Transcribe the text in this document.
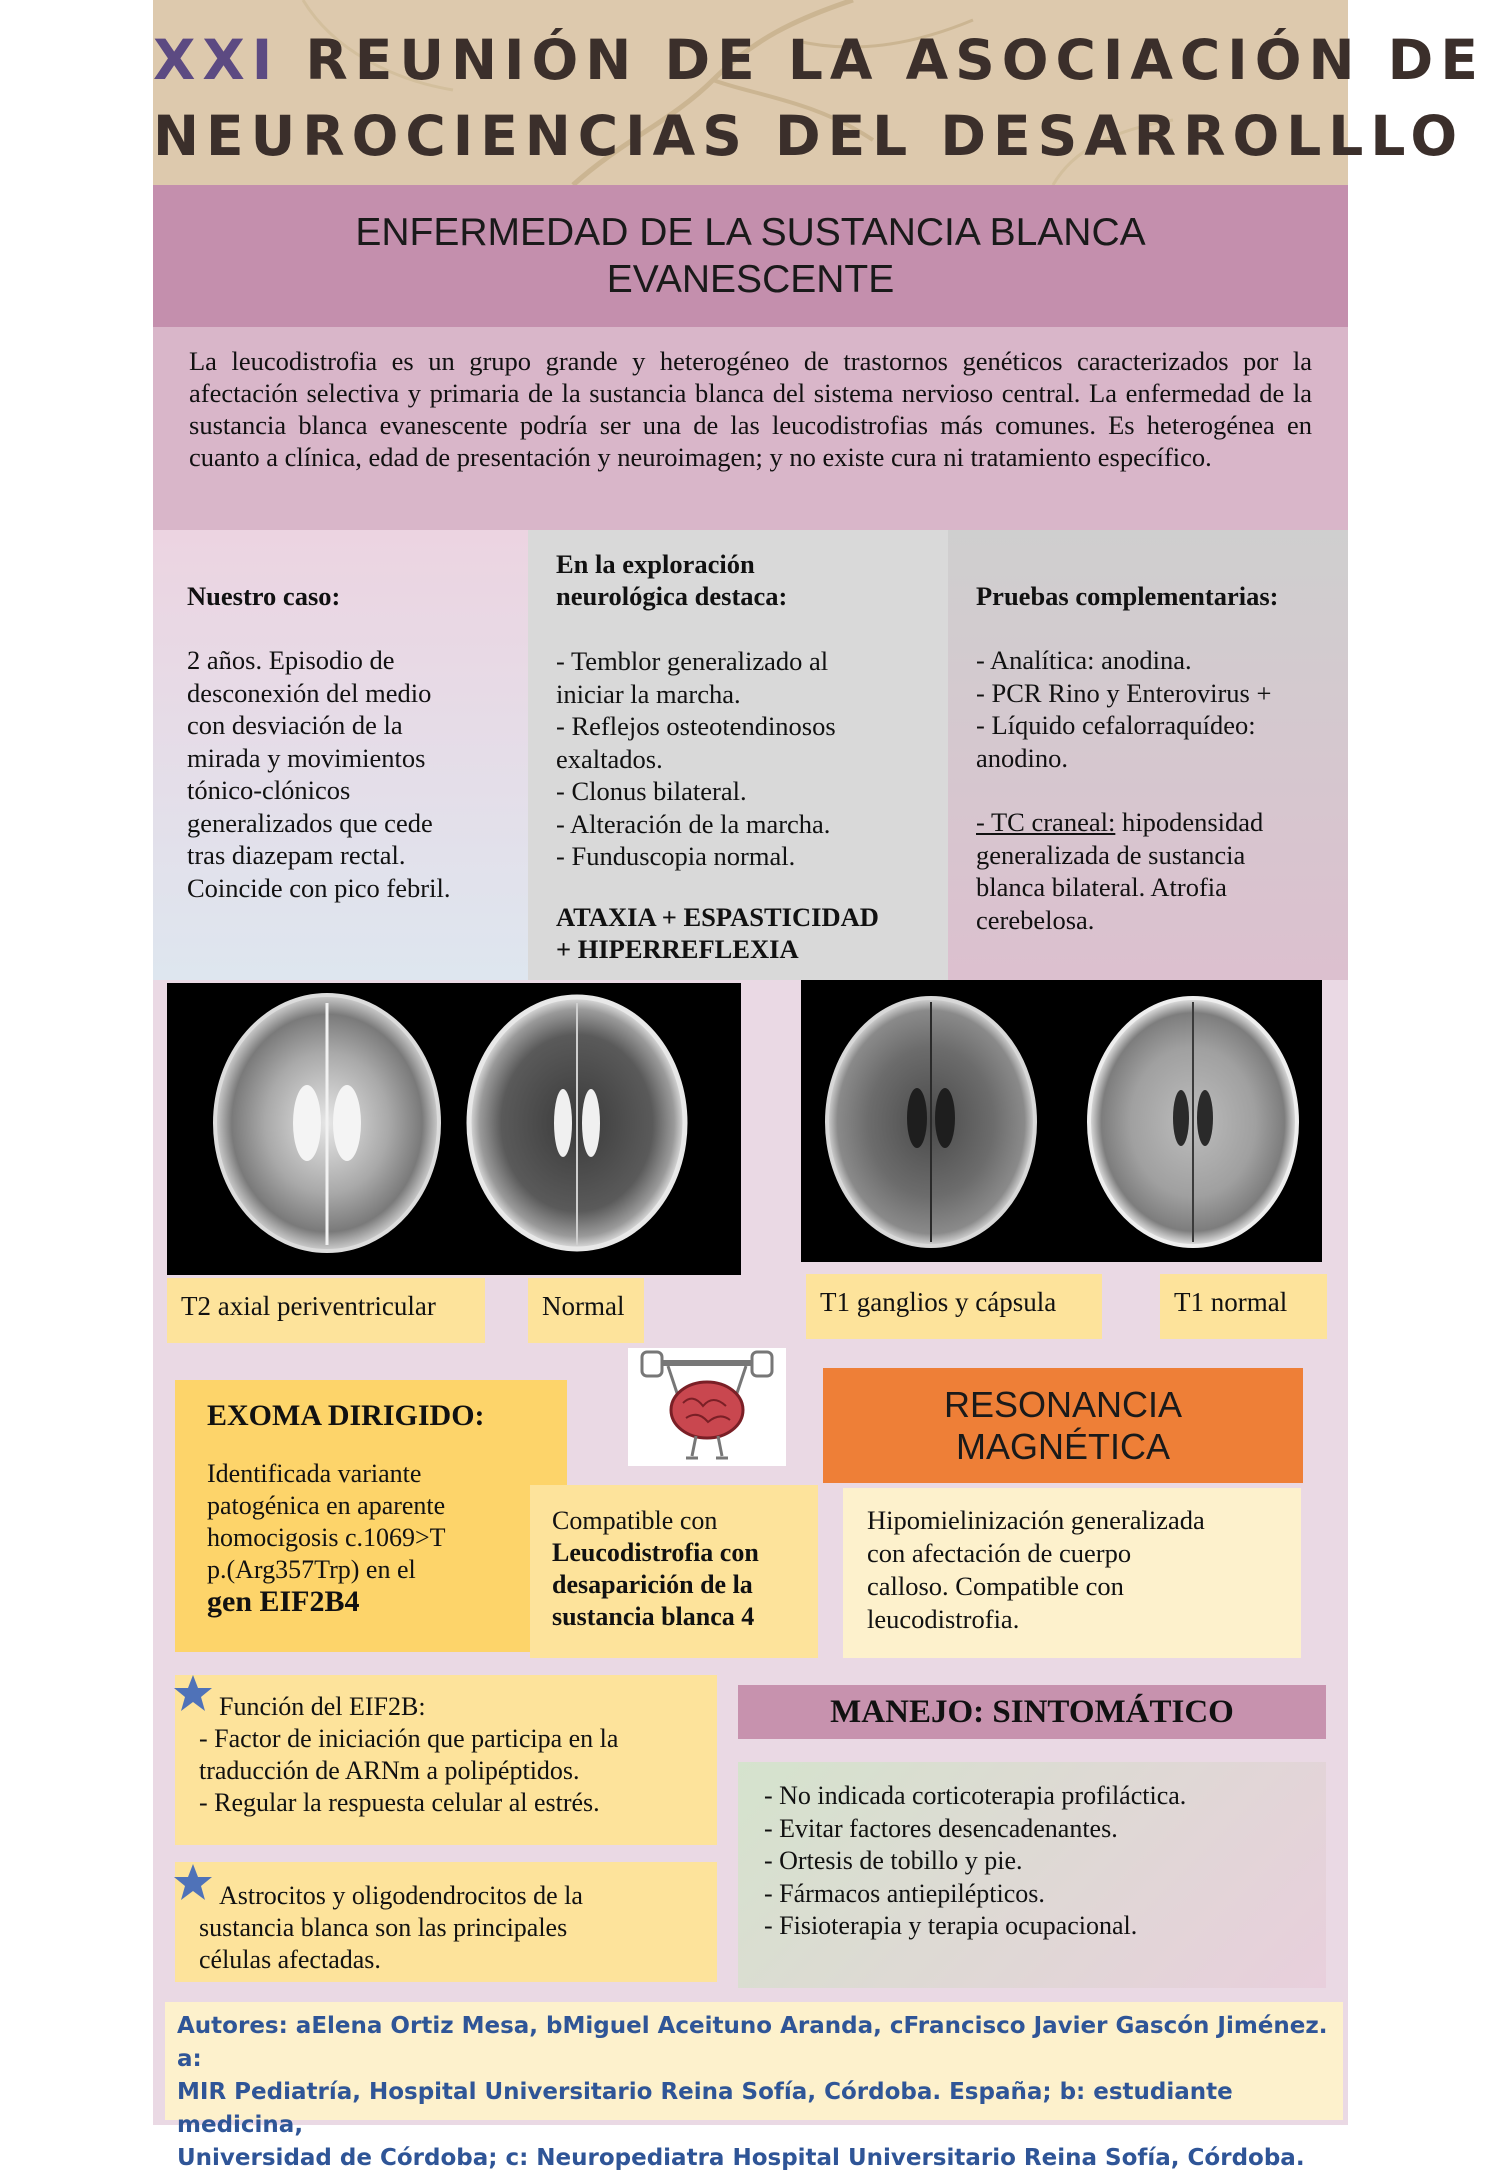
XXI REUNIÓN DE LA ASOCIACIÓN DE
NEUROCIENCIAS DEL DESARROLLLO
ENFERMEDAD DE LA SUSTANCIA BLANCA
EVANESCENTE

La leucodistrofia es un grupo grande y heterogéneo de trastornos genéticos caracterizados por la afectación selectiva y primaria de la sustancia blanca del sistema nervioso central. La enfermedad de la sustancia blanca evanescente podría ser una de las leucodistrofias más comunes. Es heterogénea en cuanto a clínica, edad de presentación y neuroimagen; y no existe cura ni tratamiento específico.

Nuestro caso:
2 años. Episodio de
desconexión del medio
con desviación de la
mirada y movimientos
tónico-clónicos
generalizados que cede
tras diazepam rectal.
Coincide con pico febril.
En la exploración
neurológica destaca:
- Temblor generalizado al
iniciar la marcha.
- Reflejos osteotendinosos
exaltados.
- Clonus bilateral.
- Alteración de la marcha.
- Funduscopia normal.
ATAXIA + ESPASTICIDAD
+ HIPERREFLEXIA
Pruebas complementarias:
- Analítica: anodina.
- PCR Rino y Enterovirus +
- Líquido cefalorraquídeo:
anodino.
- TC craneal: hipodensidad
generalizada de sustancia
blanca bilateral. Atrofia
cerebelosa.
T2 axial periventricular	Normal	T1 ganglios y cápsula	T1 normal
EXOMA DIRIGIDO:
Identificada variante
patogénica en aparente
homocigosis c.1069>T
p.(Arg357Trp) en el
gen EIF2B4
Compatible con
Leucodistrofia con
desaparición de la
sustancia blanca 4
RESONANCIA
MAGNÉTICA
Hipomielinización generalizada
con afectación de cuerpo
calloso. Compatible con
leucodistrofia.
Función del EIF2B:
- Factor de iniciación que participa en la
traducción de ARNm a polipéptidos.
- Regular la respuesta celular al estrés.
Astrocitos y oligodendrocitos de la
sustancia blanca son las principales
células afectadas.
MANEJO: SINTOMÁTICO
- No indicada corticoterapia profiláctica.
- Evitar factores desencadenantes.
- Ortesis de tobillo y pie.
- Fármacos antiepilépticos.
- Fisioterapia y terapia ocupacional.
Autores: aElena Ortiz Mesa, bMiguel Aceituno Aranda, cFrancisco Javier Gascón Jiménez. a:
MIR Pediatría, Hospital Universitario Reina Sofía, Córdoba. España; b: estudiante medicina,
Universidad de Córdoba; c: Neuropediatra Hospital Universitario Reina Sofía, Córdoba.
